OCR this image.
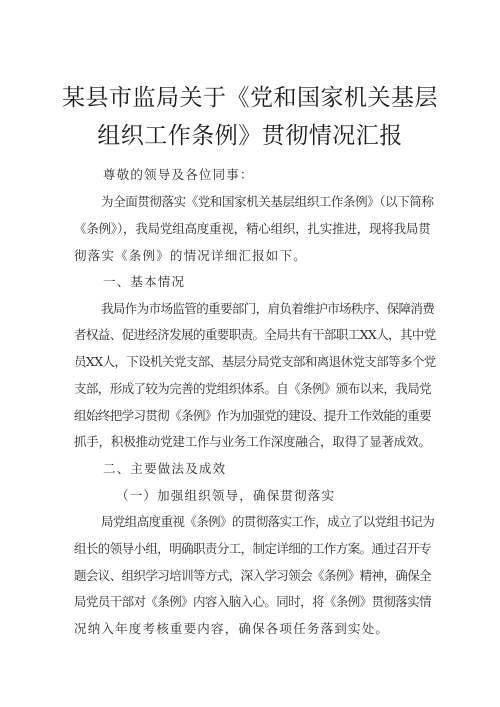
某县市监局关于《党和国家机关基层
组织工作条例》贯彻情况汇报
尊敬的领导及各位同事：
为全面贯彻落实《党和国家机关基层组织工作条例》（以下简称
《条例》），我局党组高度重视，精心组织，扎实推进，现将我局贯
彻落实《条例》的情况详细汇报如下。
一、基本情况
我局作为市场监管的重要部门，肩负着维护市场秩序、保障消费
者权益、促进经济发展的重要职责。全局共有干部职工XX人，其中党
员XX人，下设机关党支部、基层分局党支部和离退休党支部等多个党
支部，形成了较为完善的党组织体系。自《条例》颁布以来，我局党
组始终把学习贯彻《条例》作为加强党的建设、提升工作效能的重要
抓手，积极推动党建工作与业务工作深度融合，取得了显著成效。
二、主要做法及成效
（一）加强组织领导，确保贯彻落实
局党组高度重视《条例》的贯彻落实工作，成立了以党组书记为
组长的领导小组，明确职责分工，制定详细的工作方案。通过召开专
题会议、组织学习培训等方式，深入学习领会《条例》精神，确保全
局党员干部对《条例》内容入脑入心。同时，将《条例》贯彻落实情
况纳入年度考核重要内容，确保各项任务落到实处。
